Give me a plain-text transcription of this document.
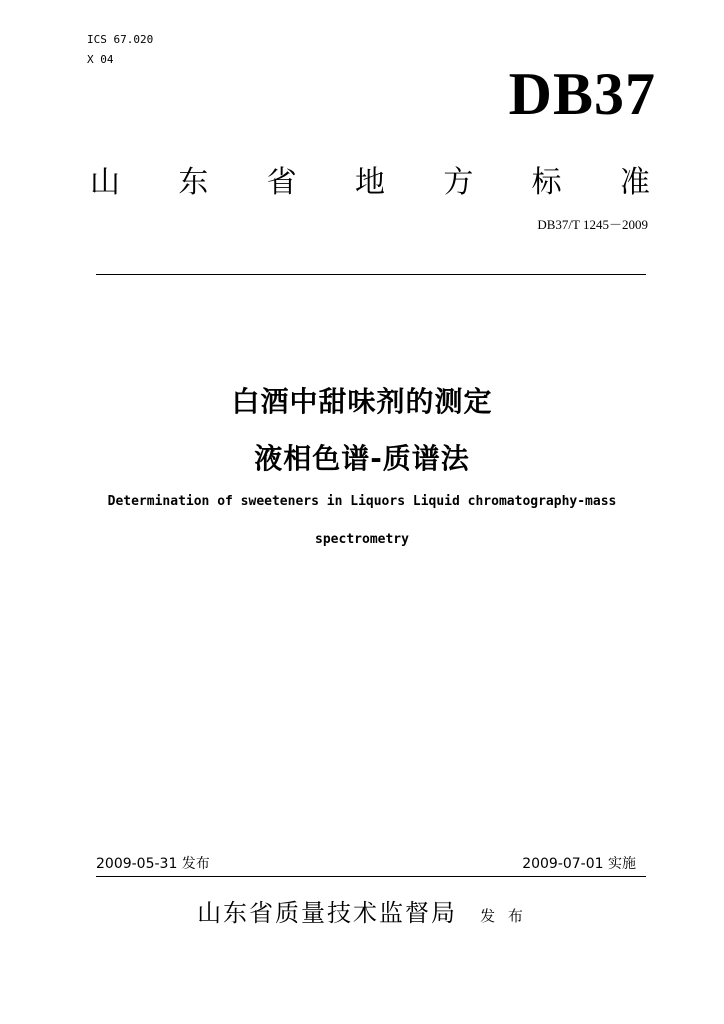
ICS 67.020
X 04
DB37
山 东 省 地 方 标 准
DB37/T 1245－2009
白酒中甜味剂的测定
液相色谱-质谱法
Determination of sweeteners in Liquors Liquid chromatography-mass
spectrometry
2009-05-31 发布	2009-07-01 实施
山东省质量技术监督局 发 布
